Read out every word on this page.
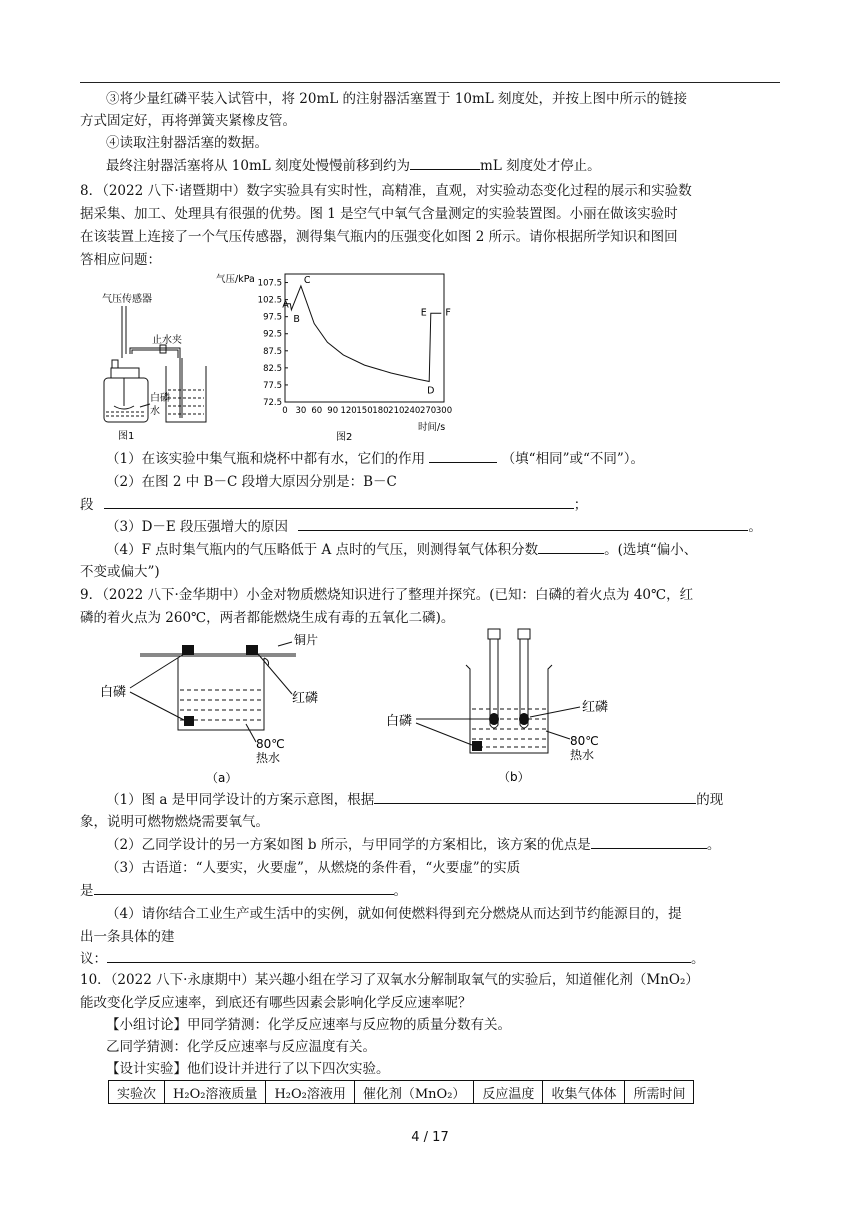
③将少量红磷平装入试管中，将 20mL 的注射器活塞置于 10mL 刻度处，并按上图中所示的链接
方式固定好，再将弹簧夹紧橡皮管。
④读取注射器活塞的数据。
最终注射器活塞将从 10mL 刻度处慢慢前移到约为	mL 刻度处才停止。
8．（2022 八下·诸暨期中）数字实验具有实时性，高精准，直观，对实验动态变化过程的展示和实验数
据采集、加工、处理具有很强的优势。图 1 是空气中氧气含量测定的实验装置图。小丽在做该实验时
在该装置上连接了一个气压传感器，测得集气瓶内的压强变化如图 2 所示。请你根据所学知识和图回
答相应问题：
气压传感器
止水夹
白磷
水
图1
气压/kPa 107.5
102.5
97.5
92.5
87.5
82.5
77.5
72.5
0 30 60 90 120 150 180 210 240 270 300
A
B
C
D
E F
时间/s
图2
（1）在该实验中集气瓶和烧杯中都有水，它们的作用	（填“相同”或“不同”）。
（2）在图 2 中 B－C 段增大原因分别是：B－C
段	；
（3）D－E 段压强增大的原因	。
（4）F 点时集气瓶内的气压略低于 A 点时的气压，则测得氧气体积分数	。(选填“偏小、
不变或偏大”)
9．（2022 八下·金华期中）小金对物质燃烧知识进行了整理并探究。(已知：白磷的着火点为 40℃，红
磷的着火点为 260℃，两者都能燃烧生成有毒的五氧化二磷)。
铜片
白磷	红磷
80℃
热水
（a）
白磷
红磷
80℃
热水
（b）
（1）图 a 是甲同学设计的方案示意图，根据	的现
象，说明可燃物燃烧需要氧气。
（2）乙同学设计的另一方案如图 b 所示，与甲同学的方案相比，该方案的优点是	。
（3）古语道：“人要实，火要虚”，从燃烧的条件看，“火要虚”的实质
是	。
（4）请你结合工业生产或生活中的实例，就如何使燃料得到充分燃烧从而达到节约能源目的，提
出一条具体的建
议：	。
10．（2022 八下·永康期中）某兴趣小组在学习了双氧水分解制取氧气的实验后，知道催化剂（MnO₂）
能改变化学反应速率，到底还有哪些因素会影响化学反应速率呢？
【小组讨论】甲同学猜测：化学反应速率与反应物的质量分数有关。
乙同学猜测：化学反应速率与反应温度有关。
【设计实验】他们设计并进行了以下四次实验。
实验次	H₂O₂溶液质量	H₂O₂溶液用	催化剂（MnO₂）	反应温度	收集气体体	所需时间
4 / 17
